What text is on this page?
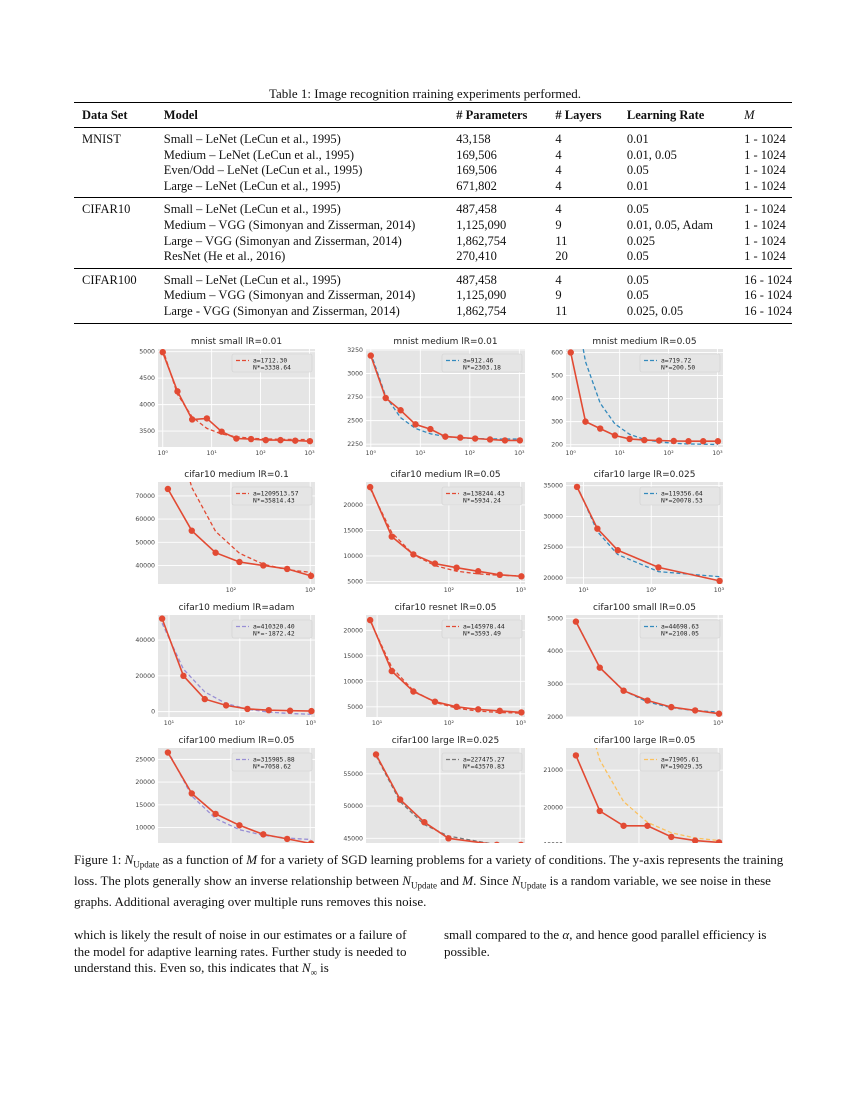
Table 1: Image recognition rraining experiments performed.
Data Set	Model	# Parameters	# Layers	Learning Rate	M
MNIST	Small – LeNet (LeCun et al., 1995)	43,158	4	0.01	1 - 1024
	Medium – LeNet (LeCun et al., 1995)	169,506	4	0.01, 0.05	1 - 1024
	Even/Odd – LeNet (LeCun et al., 1995)	169,506	4	0.05	1 - 1024
	Large – LeNet (LeCun et al., 1995)	671,802	4	0.01	1 - 1024
CIFAR10	Small – LeNet (LeCun et al., 1995)	487,458	4	0.05	1 - 1024
	Medium – VGG (Simonyan and Zisserman, 2014)	1,125,090	9	0.01, 0.05, Adam	1 - 1024
	Large – VGG (Simonyan and Zisserman, 2014)	1,862,754	11	0.025	1 - 1024
	ResNet (He et al., 2016)	270,410	20	0.05	1 - 1024
CIFAR100	Small – LeNet (LeCun et al., 1995)	487,458	4	0.05	16 - 1024
	Medium – VGG (Simonyan and Zisserman, 2014)	1,125,090	9	0.05	16 - 1024
	Large - VGG (Simonyan and Zisserman, 2014)	1,862,754	11	0.025, 0.05	16 - 1024
10⁰	10¹	10²	10³
3500
4000
4500
5000
mnist small lR=0.01
a=1712.30
N*=3338.64
10⁰	10¹	10²	10³
2250
2500
2750
3000
3250
mnist medium lR=0.01
a=912.46
N*=2303.18
10⁰	10¹	10²	10³
200
300
400
500
600
mnist medium lR=0.05
a=719.72
N*=200.50
10²	10³
40000
50000
60000
70000
cifar10 medium lR=0.1
a=1209513.57
N*=35814.43
10²	10³
5000
10000
15000
20000
cifar10 medium lR=0.05
a=138244.43
N*=5934.24
10¹	10²	10³
20000
25000
30000
35000
cifar10 large lR=0.025
a=119356.64
N*=20078.53
10¹	10²	10³
0
20000
40000
cifar10 medium lR=adam
a=410320.40
N*=-1872.42
10¹	10²	10³
5000
10000
15000
20000
cifar10 resnet lR=0.05
a=145978.44
N*=3593.49
10²	10³
2000
3000
4000
5000
cifar100 small lR=0.05
a=44698.63
N*=2108.05
10000
15000
20000
25000
cifar100 medium lR=0.05
a=315985.88
N*=7058.62
45000
50000
55000
cifar100 large lR=0.025
a=227475.27
N*=43570.83
20000
21000
cifar100 large lR=0.05
a=71905.61
N*=19029.35
Figure 1: $N_{Update}$ as a function of M for a variety of SGD learning problems for a variety of conditions. The y-axis represents the training loss. The plots generally show an inverse relationship between $N_{Update}$ and M. Since $N_{Update}$ is a random variable, we see noise in these graphs. Additional averaging over multiple runs removes this noise.
which is likely the result of noise in our estimates or a failure of the model for adaptive learning rates. Further study is needed to understand this. Even so, this indicates that $N_\infty$ is
small compared to the α, and hence good parallel efficiency is possible.
